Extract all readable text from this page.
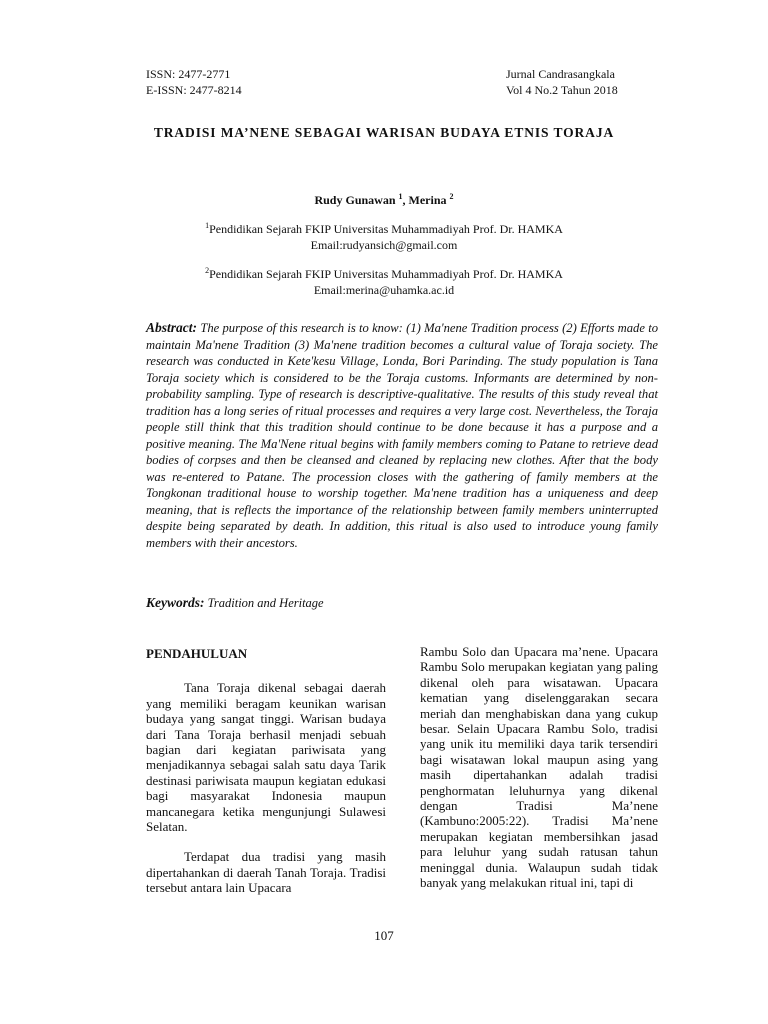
ISSN: 2477-2771
E-ISSN: 2477-8214
Jurnal Candrasangkala
Vol 4 No.2 Tahun 2018
TRADISI MA’NENE SEBAGAI WARISAN BUDAYA ETNIS TORAJA
Rudy Gunawan $^1$, Merina $^2$
$^1$Pendidikan Sejarah FKIP Universitas Muhammadiyah Prof. Dr. HAMKA
Email:rudyansich@gmail.com
$^2$Pendidikan Sejarah FKIP Universitas Muhammadiyah Prof. Dr. HAMKA
Email:merina@uhamka.ac.id
Abstract: The purpose of this research is to know: (1) Ma'nene Tradition process (2) Efforts made to maintain Ma'nene Tradition (3) Ma'nene tradition becomes a cultural value of Toraja society. The research was conducted in Kete'kesu Village, Londa, Bori Parinding. The study population is Tana Toraja society which is considered to be the Toraja customs. Informants are determined by non-probability sampling. Type of research is descriptive-qualitative. The results of this study reveal that tradition has a long series of ritual processes and requires a very large cost. Nevertheless, the Toraja people still think that this tradition should continue to be done because it has a purpose and a positive meaning. The Ma'Nene ritual begins with family members coming to Patane to retrieve dead bodies of corpses and then be cleansed and cleaned by replacing new clothes. After that the body was re-entered to Patane. The procession closes with the gathering of family members at the Tongkonan traditional house to worship together. Ma'nene tradition has a uniqueness and deep meaning, that is reflects the importance of the relationship between family members uninterrupted despite being separated by death. In addition, this ritual is also used to introduce young family members with their ancestors.
Keywords: Tradition and Heritage
PENDAHULUAN

Tana Toraja dikenal sebagai daerah yang memiliki beragam keunikan warisan budaya yang sangat tinggi. Warisan budaya dari Tana Toraja berhasil menjadi sebuah bagian dari kegiatan pariwisata yang menjadikannya sebagai salah satu daya Tarik destinasi pariwisata maupun kegiatan edukasi bagi masyarakat Indonesia maupun mancanegara ketika mengunjungi Sulawesi Selatan.

Terdapat dua tradisi yang masih dipertahankan di daerah Tanah Toraja. Tradisi tersebut antara lain Upacara

Rambu Solo dan Upacara ma’nene. Upacara Rambu Solo merupakan kegiatan yang paling dikenal oleh para wisatawan. Upacara kematian yang diselenggarakan secara meriah dan menghabiskan dana yang cukup besar. Selain Upacara Rambu Solo, tradisi yang unik itu memiliki daya tarik tersendiri bagi wisatawan lokal maupun asing yang masih dipertahankan adalah tradisi penghormatan leluhurnya yang dikenal dengan Tradisi Ma’nene (Kambuno:2005:22). Tradisi Ma’nene merupakan kegiatan membersihkan jasad para leluhur yang sudah ratusan tahun meninggal dunia. Walaupun sudah tidak banyak yang melakukan ritual ini, tapi di

107
